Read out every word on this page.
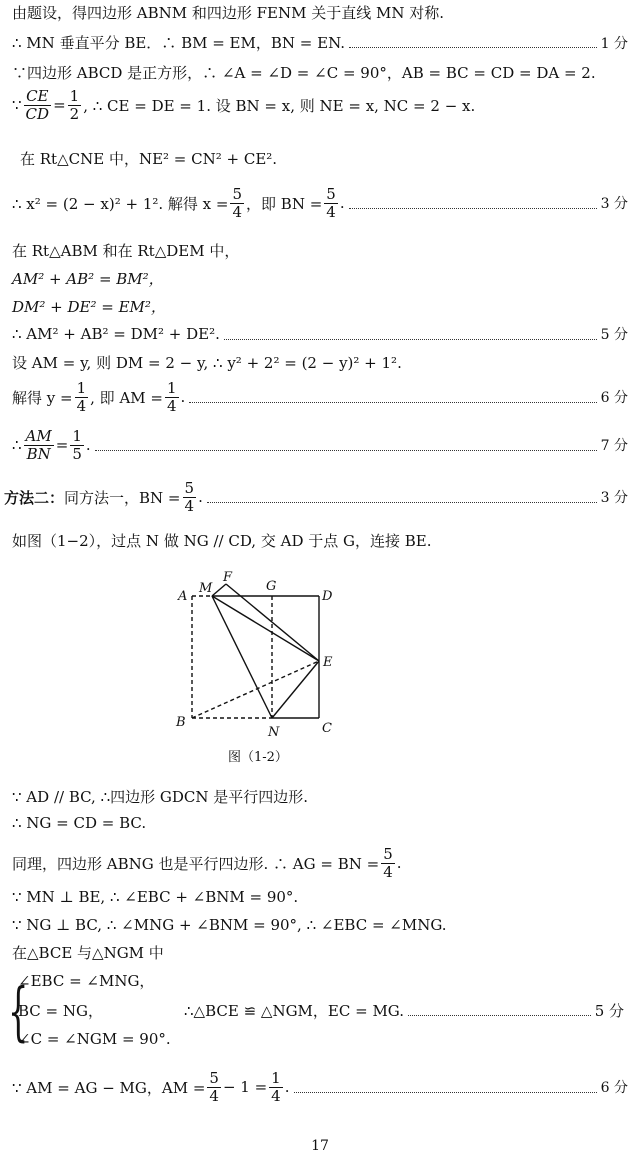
由题设，得四边形 ABNM 和四边形 FENM 关于直线 MN 对称.
∴ MN 垂直平分 BE．∴ BM = EM，BN = EN.	1 分
∵四边形 ABCD 是正方形，∴ ∠A = ∠D = ∠C = 90°，AB = BC = CD = DA = 2.
∵ $\frac{CE}{CD} = \frac{1}{2}$ , ∴ CE = DE = 1. 设 BN = x, 则 NE = x, NC = 2 − x.
在 Rt△CNE 中，NE² = CN² + CE².
∴ x² = (2 − x)² + 1². 解得 $x = \frac{5}{4}$ ，即 BN = $\frac{5}{4}$ .	3 分
在 Rt△ABM 和在 Rt△DEM 中，
AM² + AB² = BM²，
DM² + DE² = EM²，
∴ AM² + AB² = DM² + DE².	5 分
设 AM = y, 则 DM = 2 − y, ∴ y² + 2² = (2 − y)² + 1².
解得 $y = \frac{1}{4}$ , 即 AM = $\frac{1}{4}$ .	6 分
∴ $\frac{AM}{BN} = \frac{1}{5}$ .	7 分
方法二： 同方法一，BN = $\frac{5}{4}$ .	3 分
如图（1−2），过点 N 做 NG // CD, 交 AD 于点 G，连接 BE.
A
M
F
G
D
E
B
N	C
图（1-2）
∵ AD // BC, ∴四边形 GDCN 是平行四边形.
∴ NG = CD = BC.
同理，四边形 ABNG 也是平行四边形. ∴ AG = BN = $\frac{5}{4}$ .
∵ MN ⊥ BE, ∴ ∠EBC + ∠BNM = 90°.
∵ NG ⊥ BC, ∴ ∠MNG + ∠BNM = 90°, ∴ ∠EBC = ∠MNG.
在△BCE 与△NGM 中
{
∠EBC = ∠MNG，
BC = NG，
∠C = ∠NGM = 90°.
∴△BCE ≌ △NGM，EC = MG.	5 分
∵ AM = AG − MG，AM = $\frac{5}{4} - 1 = \frac{1}{4}$ .	6 分
17
